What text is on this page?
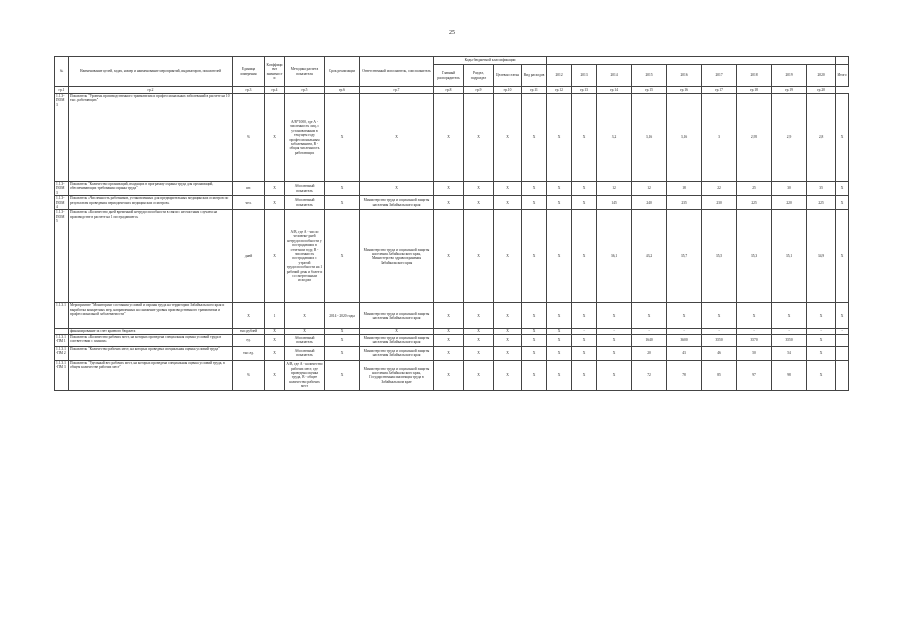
25
№	Наименование целей, задач, номер и наименование мероприятий, индикаторов, показателей	Единица измерения	Коэффициент значимости	Методика расчета показателя	Срок реализации	Ответственный исполнитель, соисполнитель	Коды бюджетной классификации													
							Главный распорядитель	Раздел, подраздел	Целевая статья	Вид расходов	2012	2013	2014	2015	2016	2017	2018	2019	2020	Итого
гр.1	гр.2	гр.3	гр.4	гр.5	гр.6	гр.7	гр.8	гр.9	гр.10	гр.11	гр.12	гр.13	гр.14	гр.15	гр.16	гр.17	гр.18	гр.19	гр.20	
1.1.3-ПОМ 3	Показатель "Уровень производственного травматизма и профессиональных заболеваний в расчете на 10 тыс. работающих"	%	X	А/В*1000, где А - численность лиц, с установленным в текущем году профессиональным заболеванием, В - общая численность работающих	X	X	X	X	X	X	X	X	3,2	3,16	3,16	3	2,95	2,9	2,8	X
1.1.3-ПОМ 3	Показатель "Количество организаций, входящих в программу охраны труда для организаций, обеспечивающих требования охраны труда"	шт.	X	Абсолютный показатель	X	X	X	X	X	X	X	X	12	12	18	22	25	30	35	X
1.1.3-ПОМ 4	Показатель «Численность работников, установленных для предварительных медицинских осмотров по результатам проведения периодических медицинских осмотров»	чел.	X	Абсолютный показатель	X	Министерство труда и социальной защиты населения Забайкальского края	X	X	X	X	X	X	145	240	235	230	225	220	225	X
1.1.3-ПОМ 5	Показатель «Количество дней временной нетрудоспособности в связи с несчастным случаем на производстве в расчете на 1 пострадавшего»	дней	X	А/В, где А - число человеко-дней нетрудоспособности у пострадавших в отчетном году, В - численность пострадавших с утратой трудоспособности на 1 рабочий день и более и со смертельным исходом	X	Министерство труда и социальной защиты населения Забайкальского края, Министерство здравоохранения Забайкальского края	X	X	X	X	X	X	36,1	43,2	35,7	35,5	35,3	35,1	34,9	X
1.1.3.1	Мероприятие "Мониторинг состояния условий и охраны труда на территории Забайкальского края и выработка конкретных мер, направленных на снижение уровня производственного травматизма и профессиональной заболеваемости"	X	1	X	2014 - 2020 годы	Министерство труда и социальной защиты населения Забайкальского края	X	X	X	X	X	X	X	X	X	X	X	X	X	X
	финансирование за счет краевого бюджета	тыс.рублей	X	X	X	X	X	X	X	X	X	-	-	-	-	-	-	-	-	-
1.1.3.1-ПМ 1	Показатель «Количество рабочих мест, на которых проведена специальная оценка условий труда в соответствии с планом»	ед.	X	Абсолютный показатель	X	Министерство труда и социальной защиты населения Забайкальского края	X	X	X	X	X	X	X	1640	3600	3550	3570	3550	X	
1.1.3.1-ПМ 2	Показатель "Количество рабочих мест, на которых проведена специальная оценка условий труда"	тыс.ед.	X	Абсолютный показатель	X	Министерство труда и социальной защиты населения Забайкальского края	X	X	X	X	X	X	X	20	43	46	50	54	X	
1.1.3.1-ПМ 3	Показатель "Удельный вес рабочих мест, на которых проведена специальная оценка условий труда, в общем количестве рабочих мест"	%	X	А/В, где А - количество рабочих мест, где проведена оценка труда, В - общее количество рабочих мест	X	Министерство труда и социальной защиты населения Забайкальского края, Государственная инспекция труда в Забайкальском крае	X	X	X	X	X	X	X	72	78	85	97	98	X	
